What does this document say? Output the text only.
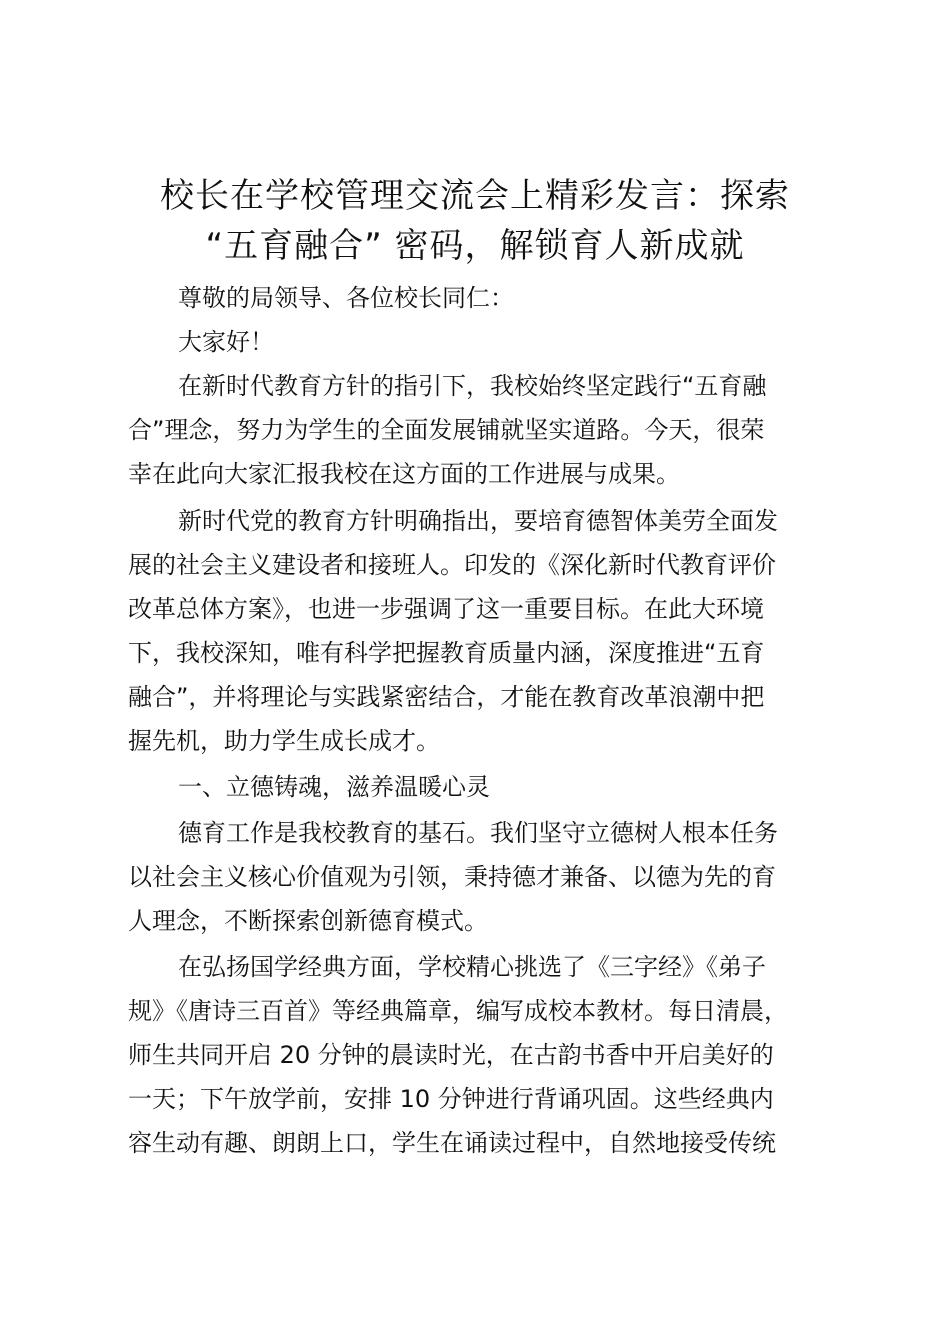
校长在学校管理交流会上精彩发言：探索
“五育融合” 密码，解锁育人新成就
尊敬的局领导、各位校长同仁：
大家好！
在新时代教育方针的指引下，我校始终坚定践行“五育融
合”理念，努力为学生的全面发展铺就坚实道路。今天，很荣
幸在此向大家汇报我校在这方面的工作进展与成果。
新时代党的教育方针明确指出，要培育德智体美劳全面发
展的社会主义建设者和接班人。印发的《深化新时代教育评价
改革总体方案》，也进一步强调了这一重要目标。在此大环境
下，我校深知，唯有科学把握教育质量内涵，深度推进“五育
融合”，并将理论与实践紧密结合，才能在教育改革浪潮中把
握先机，助力学生成长成才。
一、立德铸魂，滋养温暖心灵
德育工作是我校教育的基石。我们坚守立德树人根本任务
以社会主义核心价值观为引领，秉持德才兼备、以德为先的育
人理念，不断探索创新德育模式。
在弘扬国学经典方面，学校精心挑选了《三字经》《弟子
规》《唐诗三百首》等经典篇章，编写成校本教材。每日清晨，
师生共同开启 20 分钟的晨读时光，在古韵书香中开启美好的
一天；下午放学前，安排 10 分钟进行背诵巩固。这些经典内
容生动有趣、朗朗上口，学生在诵读过程中，自然地接受传统
